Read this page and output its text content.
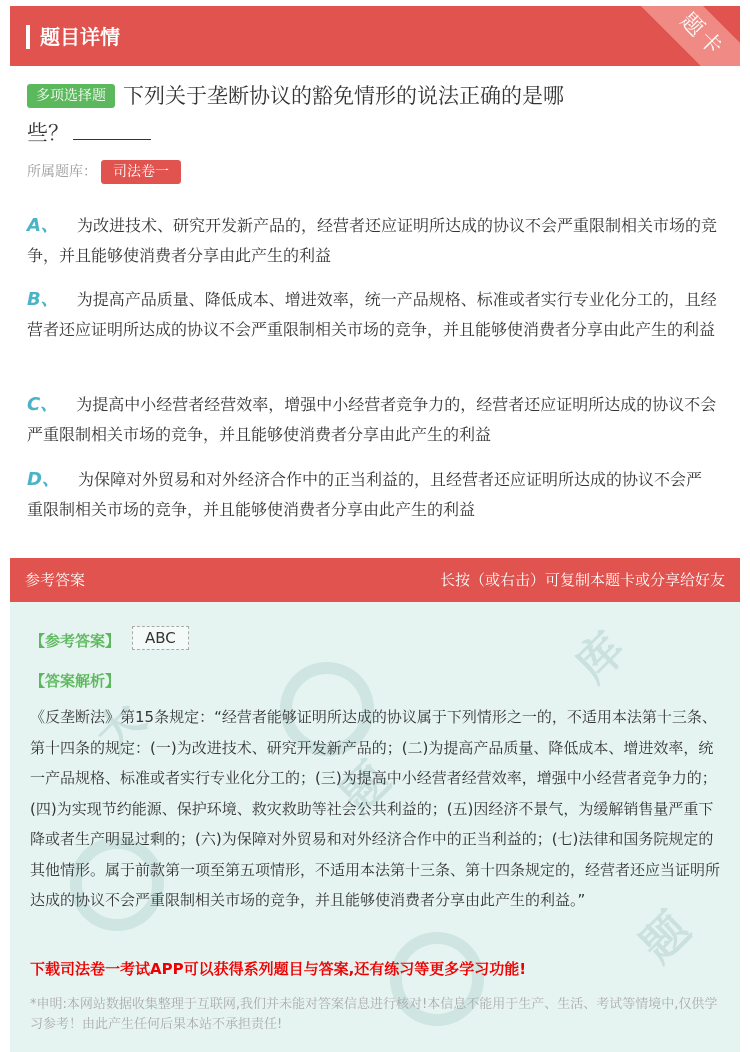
题目详情	题卡
多项选择题 下列关于垄断协议的豁免情形的说法正确的是哪
些？
所属题库： 司法卷一
A、 为改进技术、研究开发新产品的，经营者还应证明所达成的协议不会严重限制相关市场的竞争，并且能够使消费者分享由此产生的利益
B、 为提高产品质量、降低成本、增进效率，统一产品规格、标准或者实行专业化分工的，且经营者还应证明所达成的协议不会严重限制相关市场的竞争，并且能够使消费者分享由此产生的利益
C、 为提高中小经营者经营效率，增强中小经营者竞争力的，经营者还应证明所达成的协议不会严重限制相关市场的竞争，并且能够使消费者分享由此产生的利益
D、 为保障对外贸易和对外经济合作中的正当利益的，且经营者还应证明所达成的协议不会严重限制相关市场的竞争，并且能够使消费者分享由此产生的利益
参考答案	长按（或右击）可复制本题卡或分享给好友
库
大
题
题
【参考答案】	ABC
【答案解析】
《反垄断法》第15条规定：“经营者能够证明所达成的协议属于下列情形之一的，不适用本法第十三条、第十四条的规定：(一)为改进技术、研究开发新产品的；(二)为提高产品质量、降低成本、增进效率，统一产品规格、标准或者实行专业化分工的；(三)为提高中小经营者经营效率，增强中小经营者竞争力的；(四)为实现节约能源、保护环境、救灾救助等社会公共利益的；(五)因经济不景气，为缓解销售量严重下降或者生产明显过剩的；(六)为保障对外贸易和对外经济合作中的正当利益的；(七)法律和国务院规定的其他情形。属于前款第一项至第五项情形，不适用本法第十三条、第十四条规定的，经营者还应当证明所达成的协议不会严重限制相关市场的竞争，并且能够使消费者分享由此产生的利益。”
下载司法卷一考试APP可以获得系列题目与答案,还有练习等更多学习功能!
*申明:本网站数据收集整理于互联网,我们并未能对答案信息进行核对!本信息不能用于生产、生活、考试等情境中,仅供学习参考！由此产生任何后果本站不承担责任!
